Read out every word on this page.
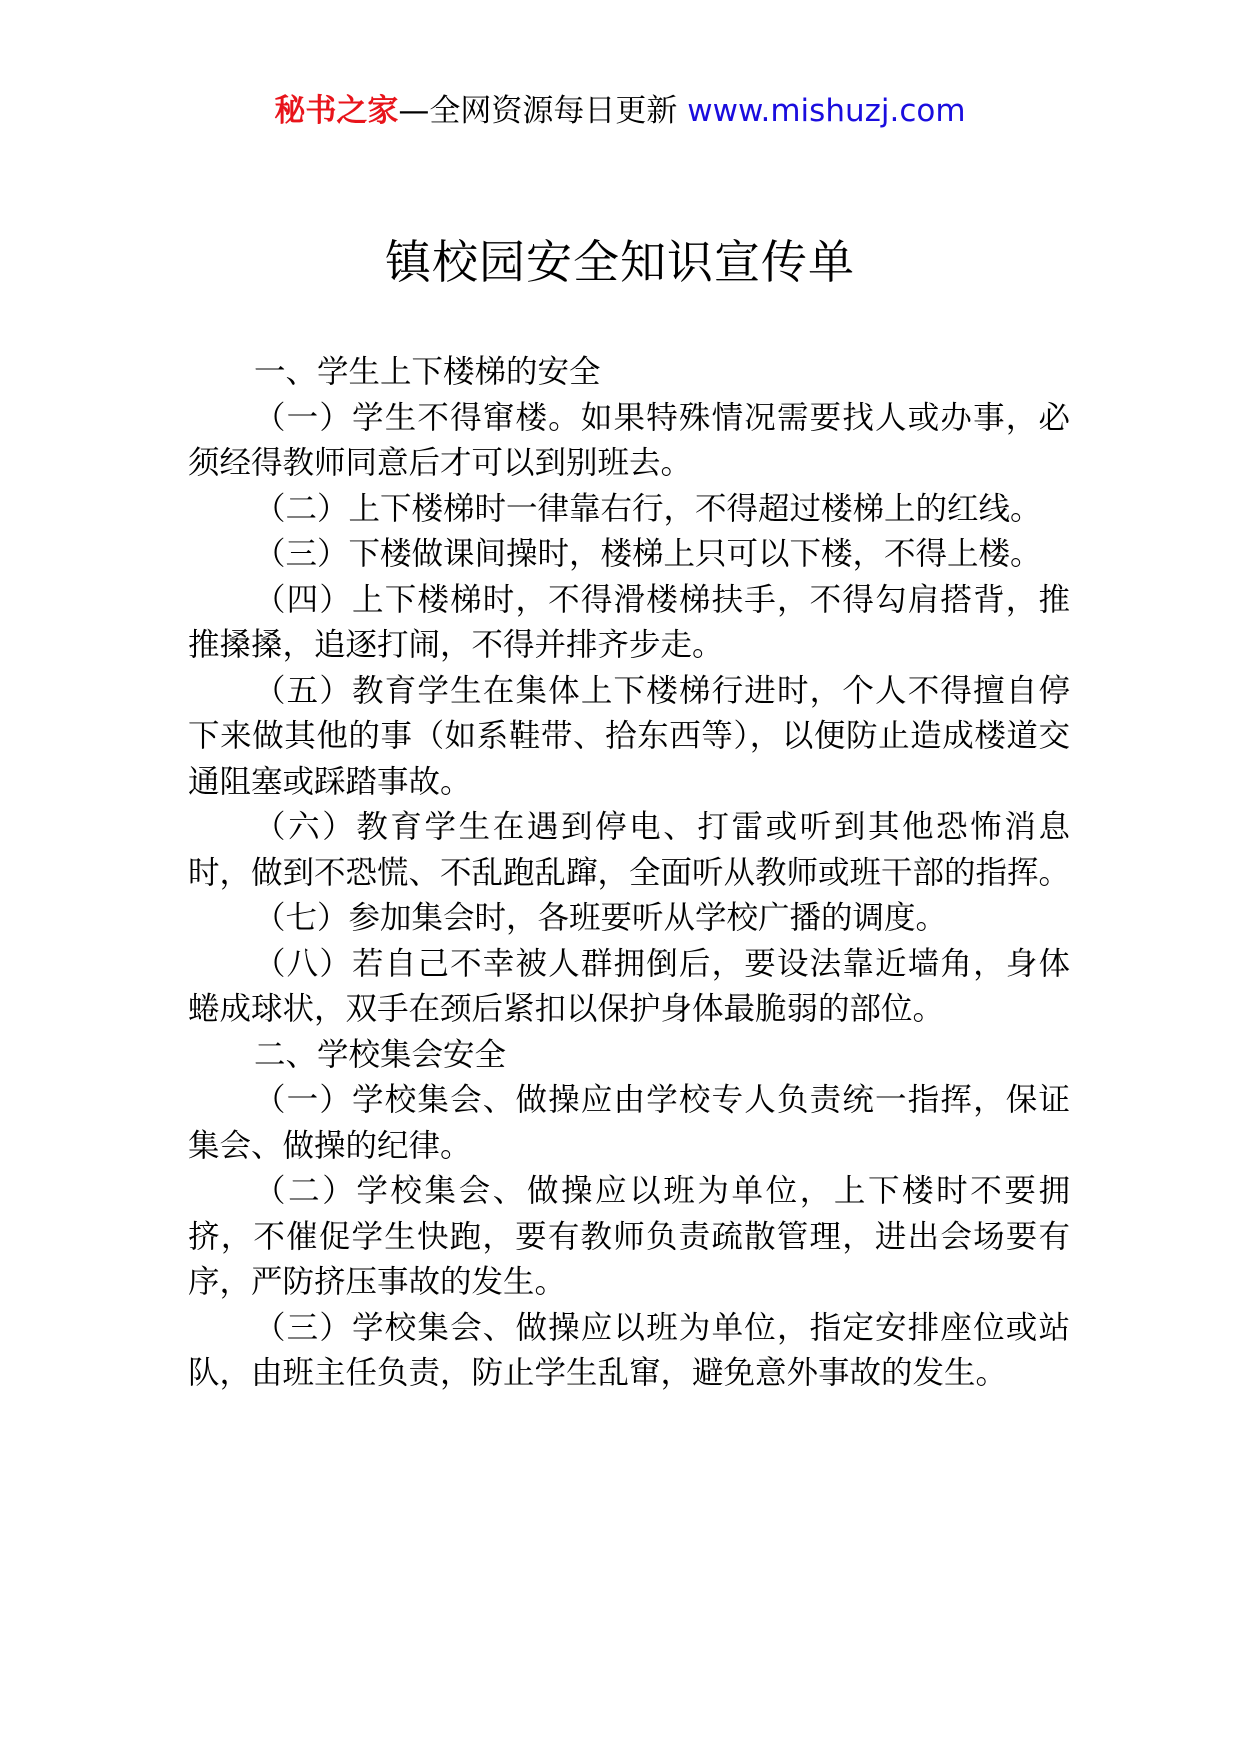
秘书之家—全网资源每日更新 www.mishuzj.com
镇校园安全知识宣传单

一、学生上下楼梯的安全

（一）学生不得窜楼。如果特殊情况需要找人或办事，必须经得教师同意后才可以到别班去。

（二）上下楼梯时一律靠右行，不得超过楼梯上的红线。

（三）下楼做课间操时，楼梯上只可以下楼，不得上楼。

（四）上下楼梯时，不得滑楼梯扶手，不得勾肩搭背，推推搡搡，追逐打闹，不得并排齐步走。

（五）教育学生在集体上下楼梯行进时，个人不得擅自停下来做其他的事（如系鞋带、拾东西等），以便防止造成楼道交通阻塞或踩踏事故。

（六）教育学生在遇到停电、打雷或听到其他恐怖消息时，做到不恐慌、不乱跑乱蹿，全面听从教师或班干部的指挥。

（七）参加集会时，各班要听从学校广播的调度。

（八）若自己不幸被人群拥倒后，要设法靠近墙角，身体蜷成球状，双手在颈后紧扣以保护身体最脆弱的部位。

二、学校集会安全

（一）学校集会、做操应由学校专人负责统一指挥，保证集会、做操的纪律。

（二）学校集会、做操应以班为单位，上下楼时不要拥挤，不催促学生快跑，要有教师负责疏散管理，进出会场要有序，严防挤压事故的发生。

（三）学校集会、做操应以班为单位，指定安排座位或站队，由班主任负责，防止学生乱窜，避免意外事故的发生。
